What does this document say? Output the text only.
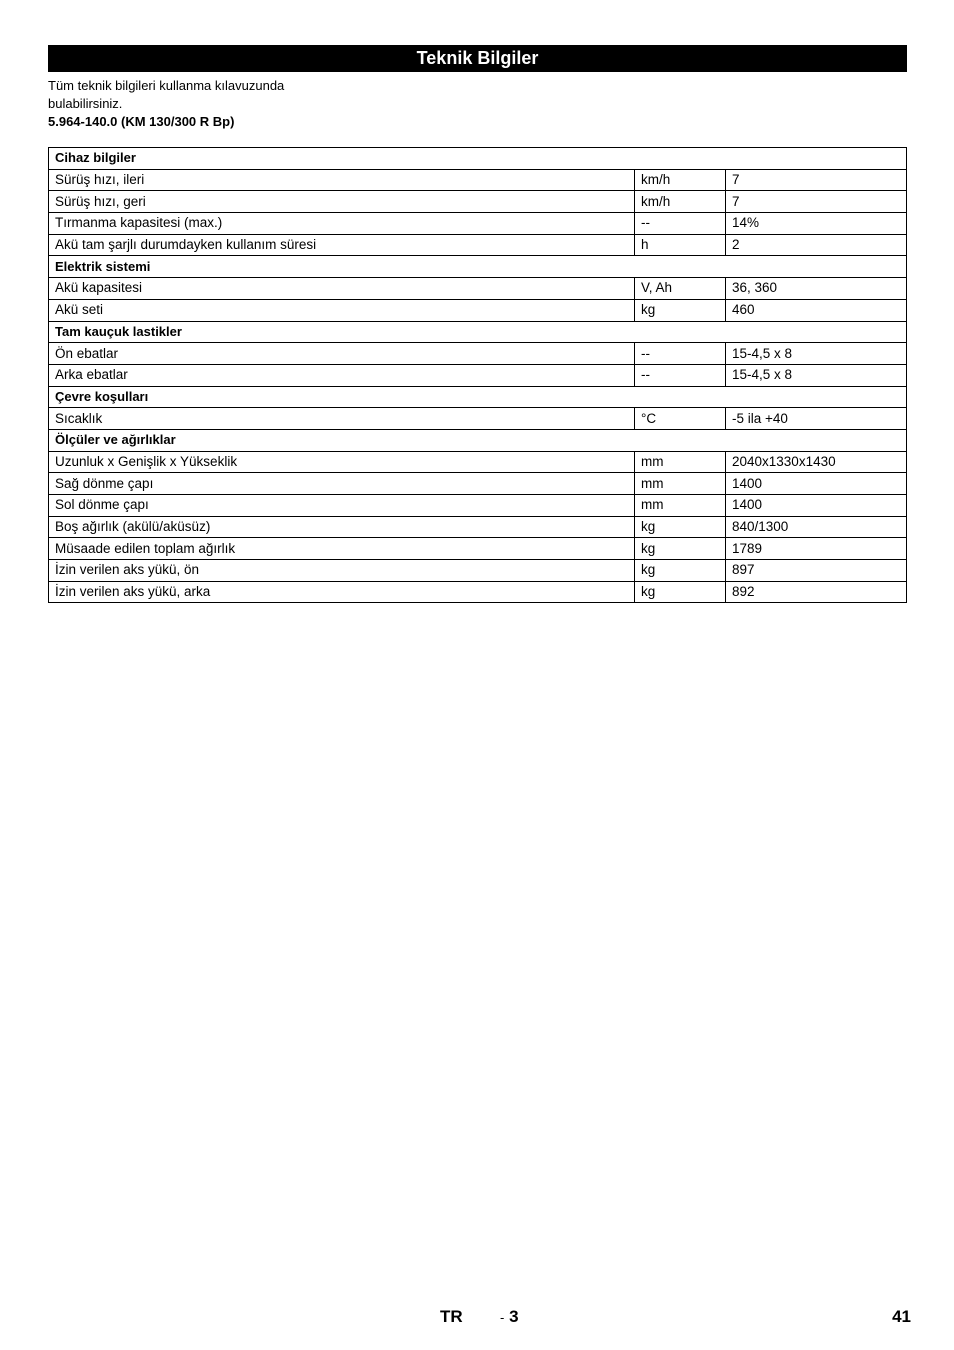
Teknik Bilgiler
Tüm teknik bilgileri kullanma kılavuzunda bulabilirsiniz.
5.964-140.0 (KM 130/300 R Bp)
Cihaz bilgiler		
Sürüş hızı, ileri	km/h	7
Sürüş hızı, geri	km/h	7
Tırmanma kapasitesi (max.)	--	14%
Akü tam şarjlı durumdayken kullanım süresi	h	2
Elektrik sistemi		
Akü kapasitesi	V, Ah	36, 360
Akü seti	kg	460
Tam kauçuk lastikler		
Ön ebatlar	--	15-4,5 x 8
Arka ebatlar	--	15-4,5 x 8
Çevre koşulları		
Sıcaklık	°C	-5 ila +40
Ölçüler ve ağırlıklar		
Uzunluk x Genişlik x Yükseklik	mm	2040x1330x1430
Sağ dönme çapı	mm	1400
Sol dönme çapı	mm	1400
Boş ağırlık (akülü/aküsüz)	kg	840/1300
Müsaade edilen toplam ağırlık	kg	1789
İzin verilen aks yükü, ön	kg	897
İzin verilen aks yükü, arka	kg	892
TR	- 3	41
